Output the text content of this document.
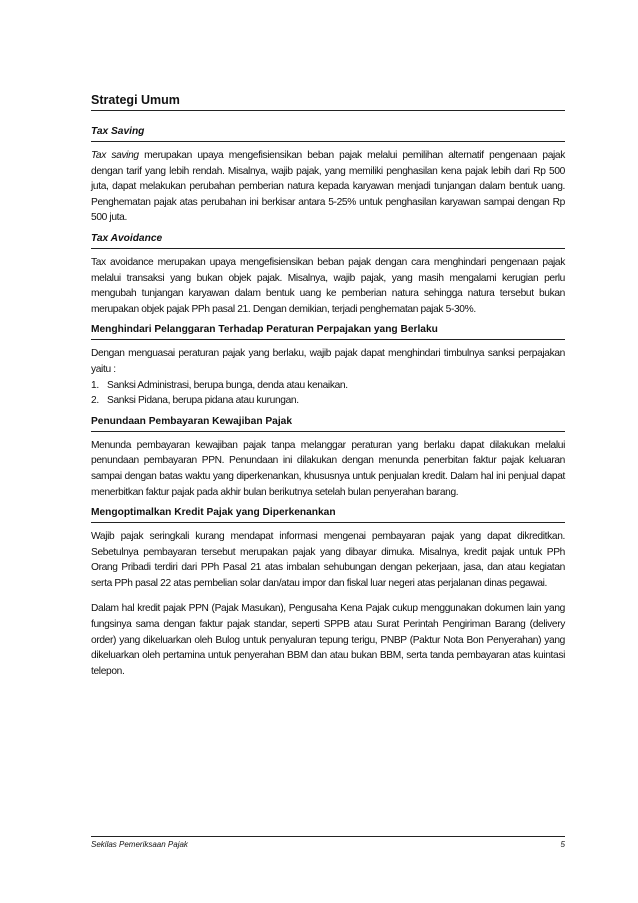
Strategi Umum
Tax Saving

Tax saving merupakan upaya mengefisiensikan beban pajak melalui pemilihan alternatif pengenaan pajak dengan tarif yang lebih rendah. Misalnya, wajib pajak, yang memiliki penghasilan kena pajak lebih dari Rp 500 juta, dapat melakukan perubahan pemberian natura kepada karyawan menjadi tunjangan dalam bentuk uang. Penghematan pajak atas perubahan ini berkisar antara 5-25% untuk penghasilan karyawan sampai dengan Rp 500 juta.

Tax Avoidance

Tax avoidance merupakan upaya mengefisiensikan beban pajak dengan cara menghindari pengenaan pajak melalui transaksi yang bukan objek pajak. Misalnya, wajib pajak, yang masih mengalami kerugian perlu mengubah tunjangan karyawan dalam bentuk uang ke pemberian natura sehingga natura tersebut bukan merupakan objek pajak PPh pasal 21. Dengan demikian, terjadi penghematan pajak 5-30%.

Menghindari Pelanggaran Terhadap Peraturan Perpajakan yang Berlaku

Dengan menguasai peraturan pajak yang berlaku, wajib pajak dapat menghindari timbulnya sanksi perpajakan yaitu :

1. Sanksi Administrasi, berupa bunga, denda atau kenaikan.
2. Sanksi Pidana, berupa pidana atau kurungan.
Penundaan Pembayaran Kewajiban Pajak

Menunda pembayaran kewajiban pajak tanpa melanggar peraturan yang berlaku dapat dilakukan melalui penundaan pembayaran PPN. Penundaan ini dilakukan dengan menunda penerbitan faktur pajak keluaran sampai dengan batas waktu yang diperkenankan, khususnya untuk penjualan kredit. Dalam hal ini penjual dapat menerbitkan faktur pajak pada akhir bulan berikutnya setelah bulan penyerahan barang.

Mengoptimalkan Kredit Pajak yang Diperkenankan

Wajib pajak seringkali kurang mendapat informasi mengenai pembayaran pajak yang dapat dikreditkan. Sebetulnya pembayaran tersebut merupakan pajak yang dibayar dimuka. Misalnya, kredit pajak untuk PPh Orang Pribadi terdiri dari PPh Pasal 21 atas imbalan sehubungan dengan pekerjaan, jasa, dan atau kegiatan serta PPh pasal 22 atas pembelian solar dan/atau impor dan fiskal luar negeri atas perjalanan dinas pegawai.

Dalam hal kredit pajak PPN (Pajak Masukan), Pengusaha Kena Pajak cukup menggunakan dokumen lain yang fungsinya sama dengan faktur pajak standar, seperti SPPB atau Surat Perintah Pengiriman Barang (delivery order) yang dikeluarkan oleh Bulog untuk penyaluran tepung terigu, PNBP (Paktur Nota Bon Penyerahan) yang dikeluarkan oleh pertamina untuk penyerahan BBM dan atau bukan BBM, serta tanda pembayaran atas kuintasi telepon.

Sekilas Pemeriksaan Pajak	5
